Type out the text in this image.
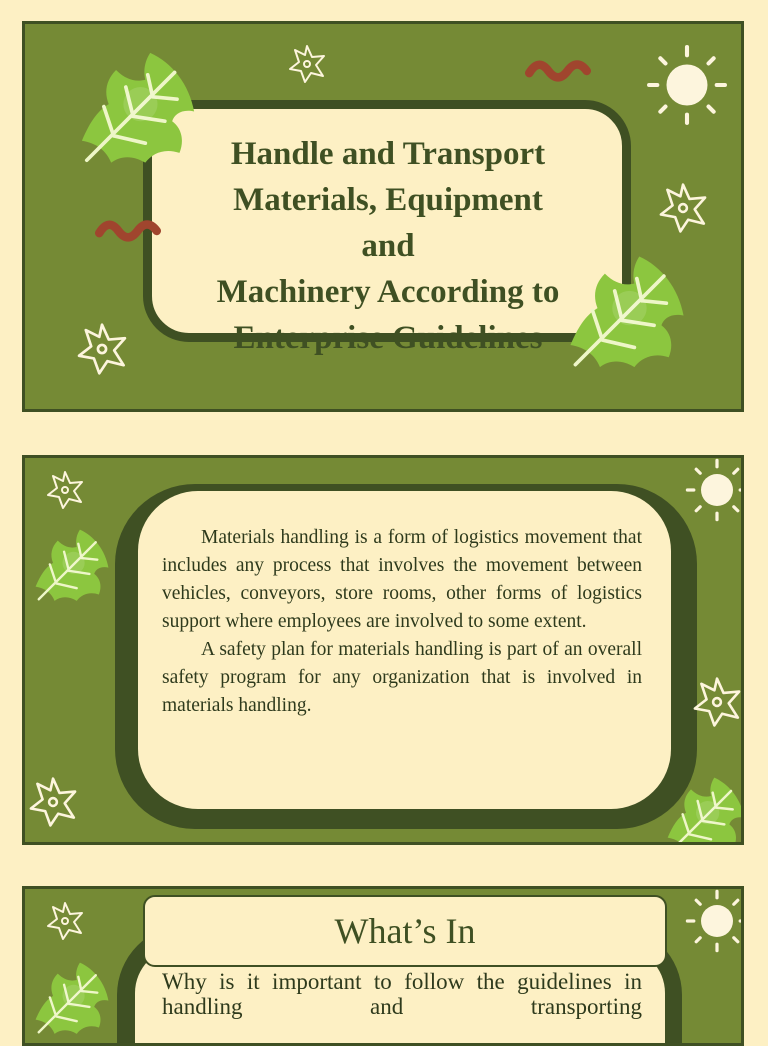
Handle and Transport
Materials, Equipment
and
Machinery According to
Enterprise Guidelines

Materials handling is a form of logistics movement that includes any process that involves the movement between vehicles, conveyors, store rooms, other forms of logistics support where employees are involved to some extent.

A safety plan for materials handling is part of an overall safety program for any organization that is involved in materials handling.

What’s In
Why is it important to follow the guidelines in handling and transporting
